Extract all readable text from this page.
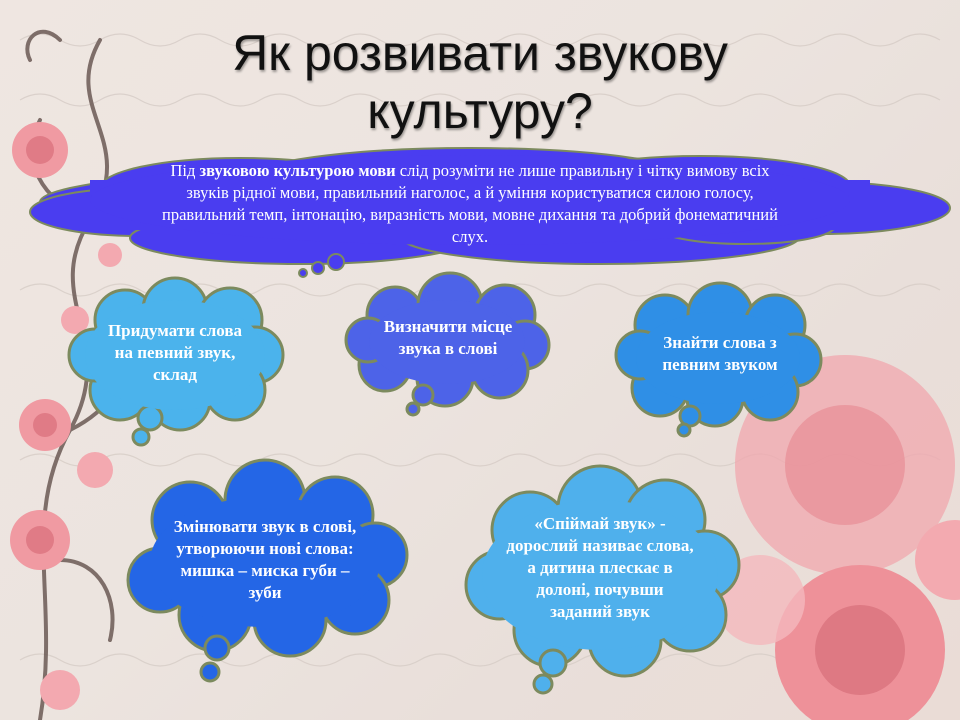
Як розвивати звукову
культуру?
Під звуковою культурою мови слід розуміти не лише правильну і чітку вимову всіх звуків рідної мови, правильний наголос, а й уміння користуватися силою голосу, правильний темп, інтонацію, виразність мови, мовне дихання та добрий фонематичний слух.
Придумати слова на певний звук, склад
Визначити місце звука в слові	Знайти слова з певним звуком
Змінювати звук в слові, утворюючи нові слова: мишка – миска губи – зуби
«Спіймай звук» - дорослий називає слова, а дитина плескає в долоні, почувши заданий звук
